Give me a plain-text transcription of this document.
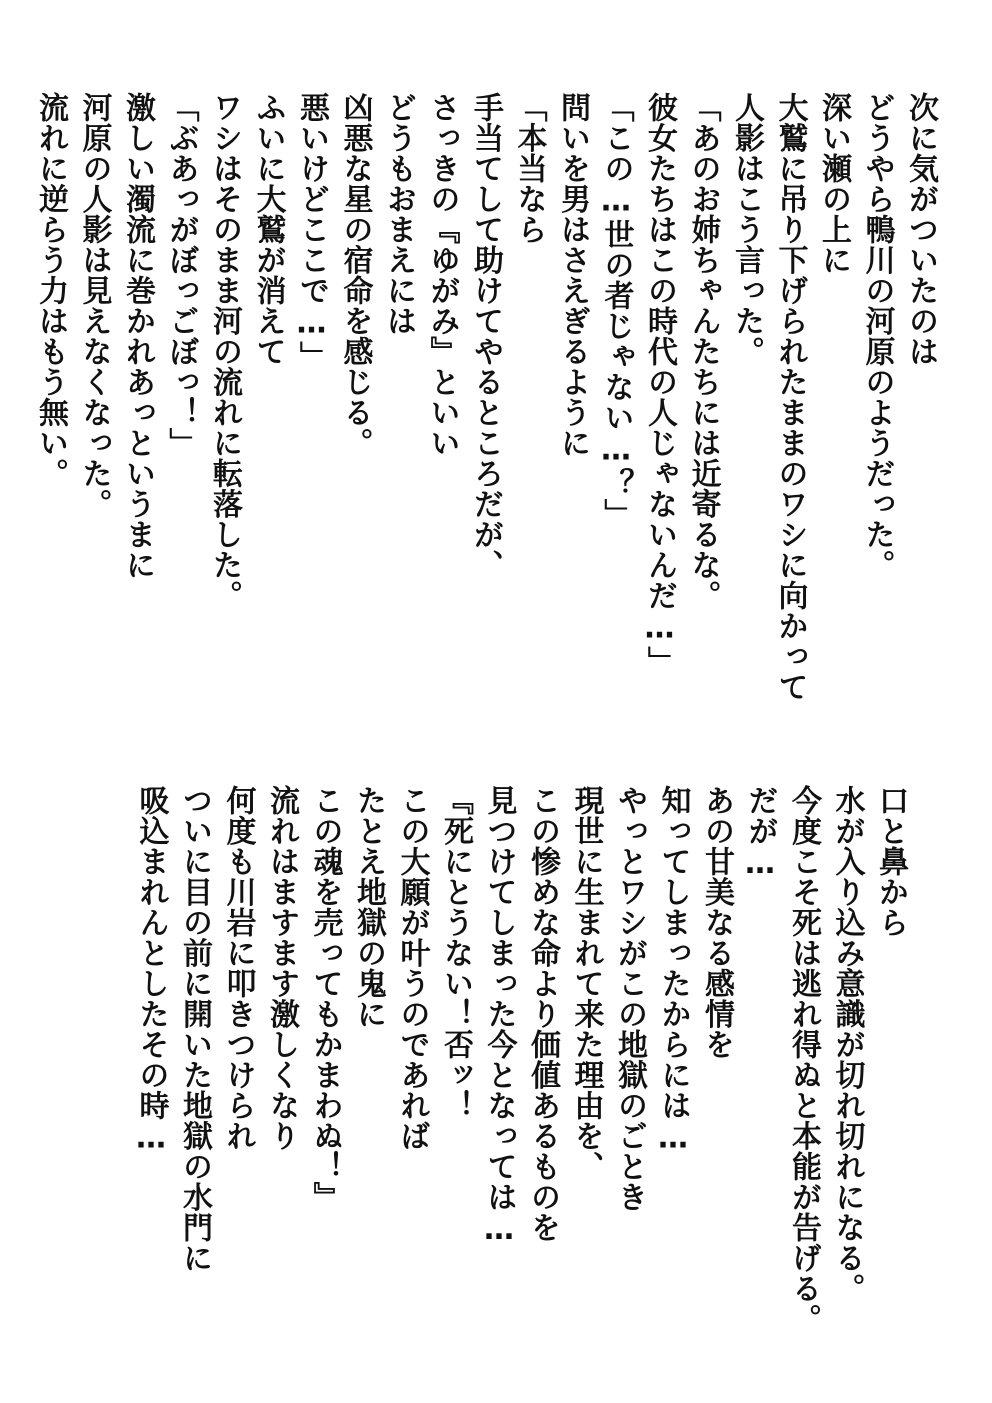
次に気がついたのは
どうやら鴨川の河原のようだった。
深い瀬の上に
大鷲に吊り下げられたままのワシに向かって
人影はこう言った。
「あのお姉ちゃんたちには近寄るな。
彼女たちはこの時代の人じゃないんだ…」
「この…世の者じゃない…？」
問いを男はさえぎるように
「本当なら
手当てして助けてやるところだが、
さっきの『ゆがみ』といい
どうもおまえには
凶悪な星の宿命を感じる。
悪いけどここで…」
ふいに大鷲が消えて
ワシはそのまま河の流れに転落した。
「ぶあっがぼっごぼっ！」
激しい濁流に巻かれあっというまに
河原の人影は見えなくなった。
流れに逆らう力はもう無い。
口と鼻から
水が入り込み意識が切れ切れになる。
今度こそ死は逃れ得ぬと本能が告げる。
だが…
あの甘美なる感情を
知ってしまったからには…
やっとワシがこの地獄のごとき
現世に生まれて来た理由を、
この惨めな命より価値あるものを
見つけてしまった今となっては…
『死にとうない！否ッ！
この大願が叶うのであれば
たとえ地獄の鬼に
この魂を売ってもかまわぬ！』
流れはますます激しくなり
何度も川岩に叩きつけられ
ついに目の前に開いた地獄の水門に
吸込まれんとしたその時…
